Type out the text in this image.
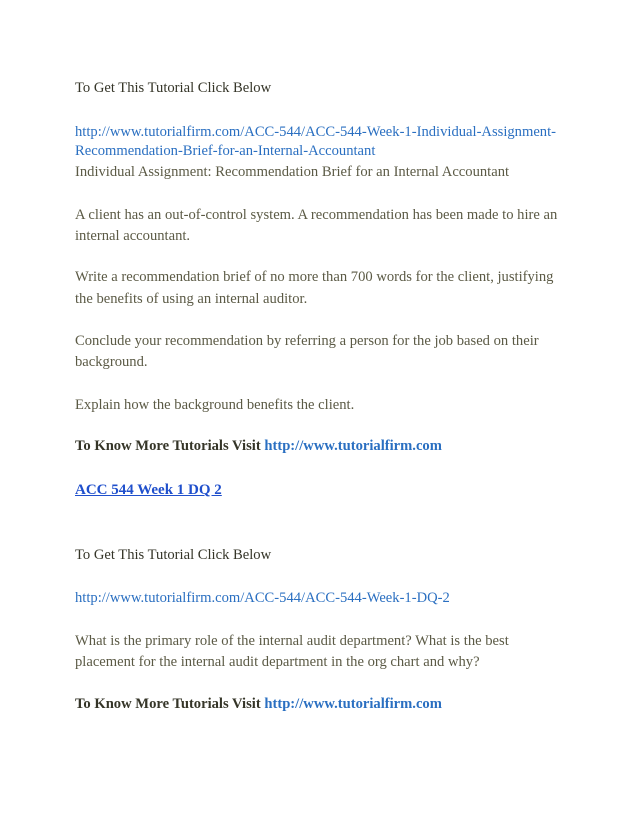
To Get This Tutorial Click Below
http://www.tutorialfirm.com/ACC-544/ACC-544-Week-1-Individual-Assignment-
Recommendation-Brief-for-an-Internal-Accountant
Individual Assignment: Recommendation Brief for an Internal Accountant
A client has an out-of-control system. A recommendation has been made to hire an
internal accountant.
Write a recommendation brief of no more than 700 words for the client, justifying
the benefits of using an internal auditor.
Conclude your recommendation by referring a person for the job based on their
background.
Explain how the background benefits the client.
To Know More Tutorials Visit http://www.tutorialfirm.com
ACC 544 Week 1 DQ 2
To Get This Tutorial Click Below
http://www.tutorialfirm.com/ACC-544/ACC-544-Week-1-DQ-2
What is the primary role of the internal audit department? What is the best
placement for the internal audit department in the org chart and why?
To Know More Tutorials Visit http://www.tutorialfirm.com
